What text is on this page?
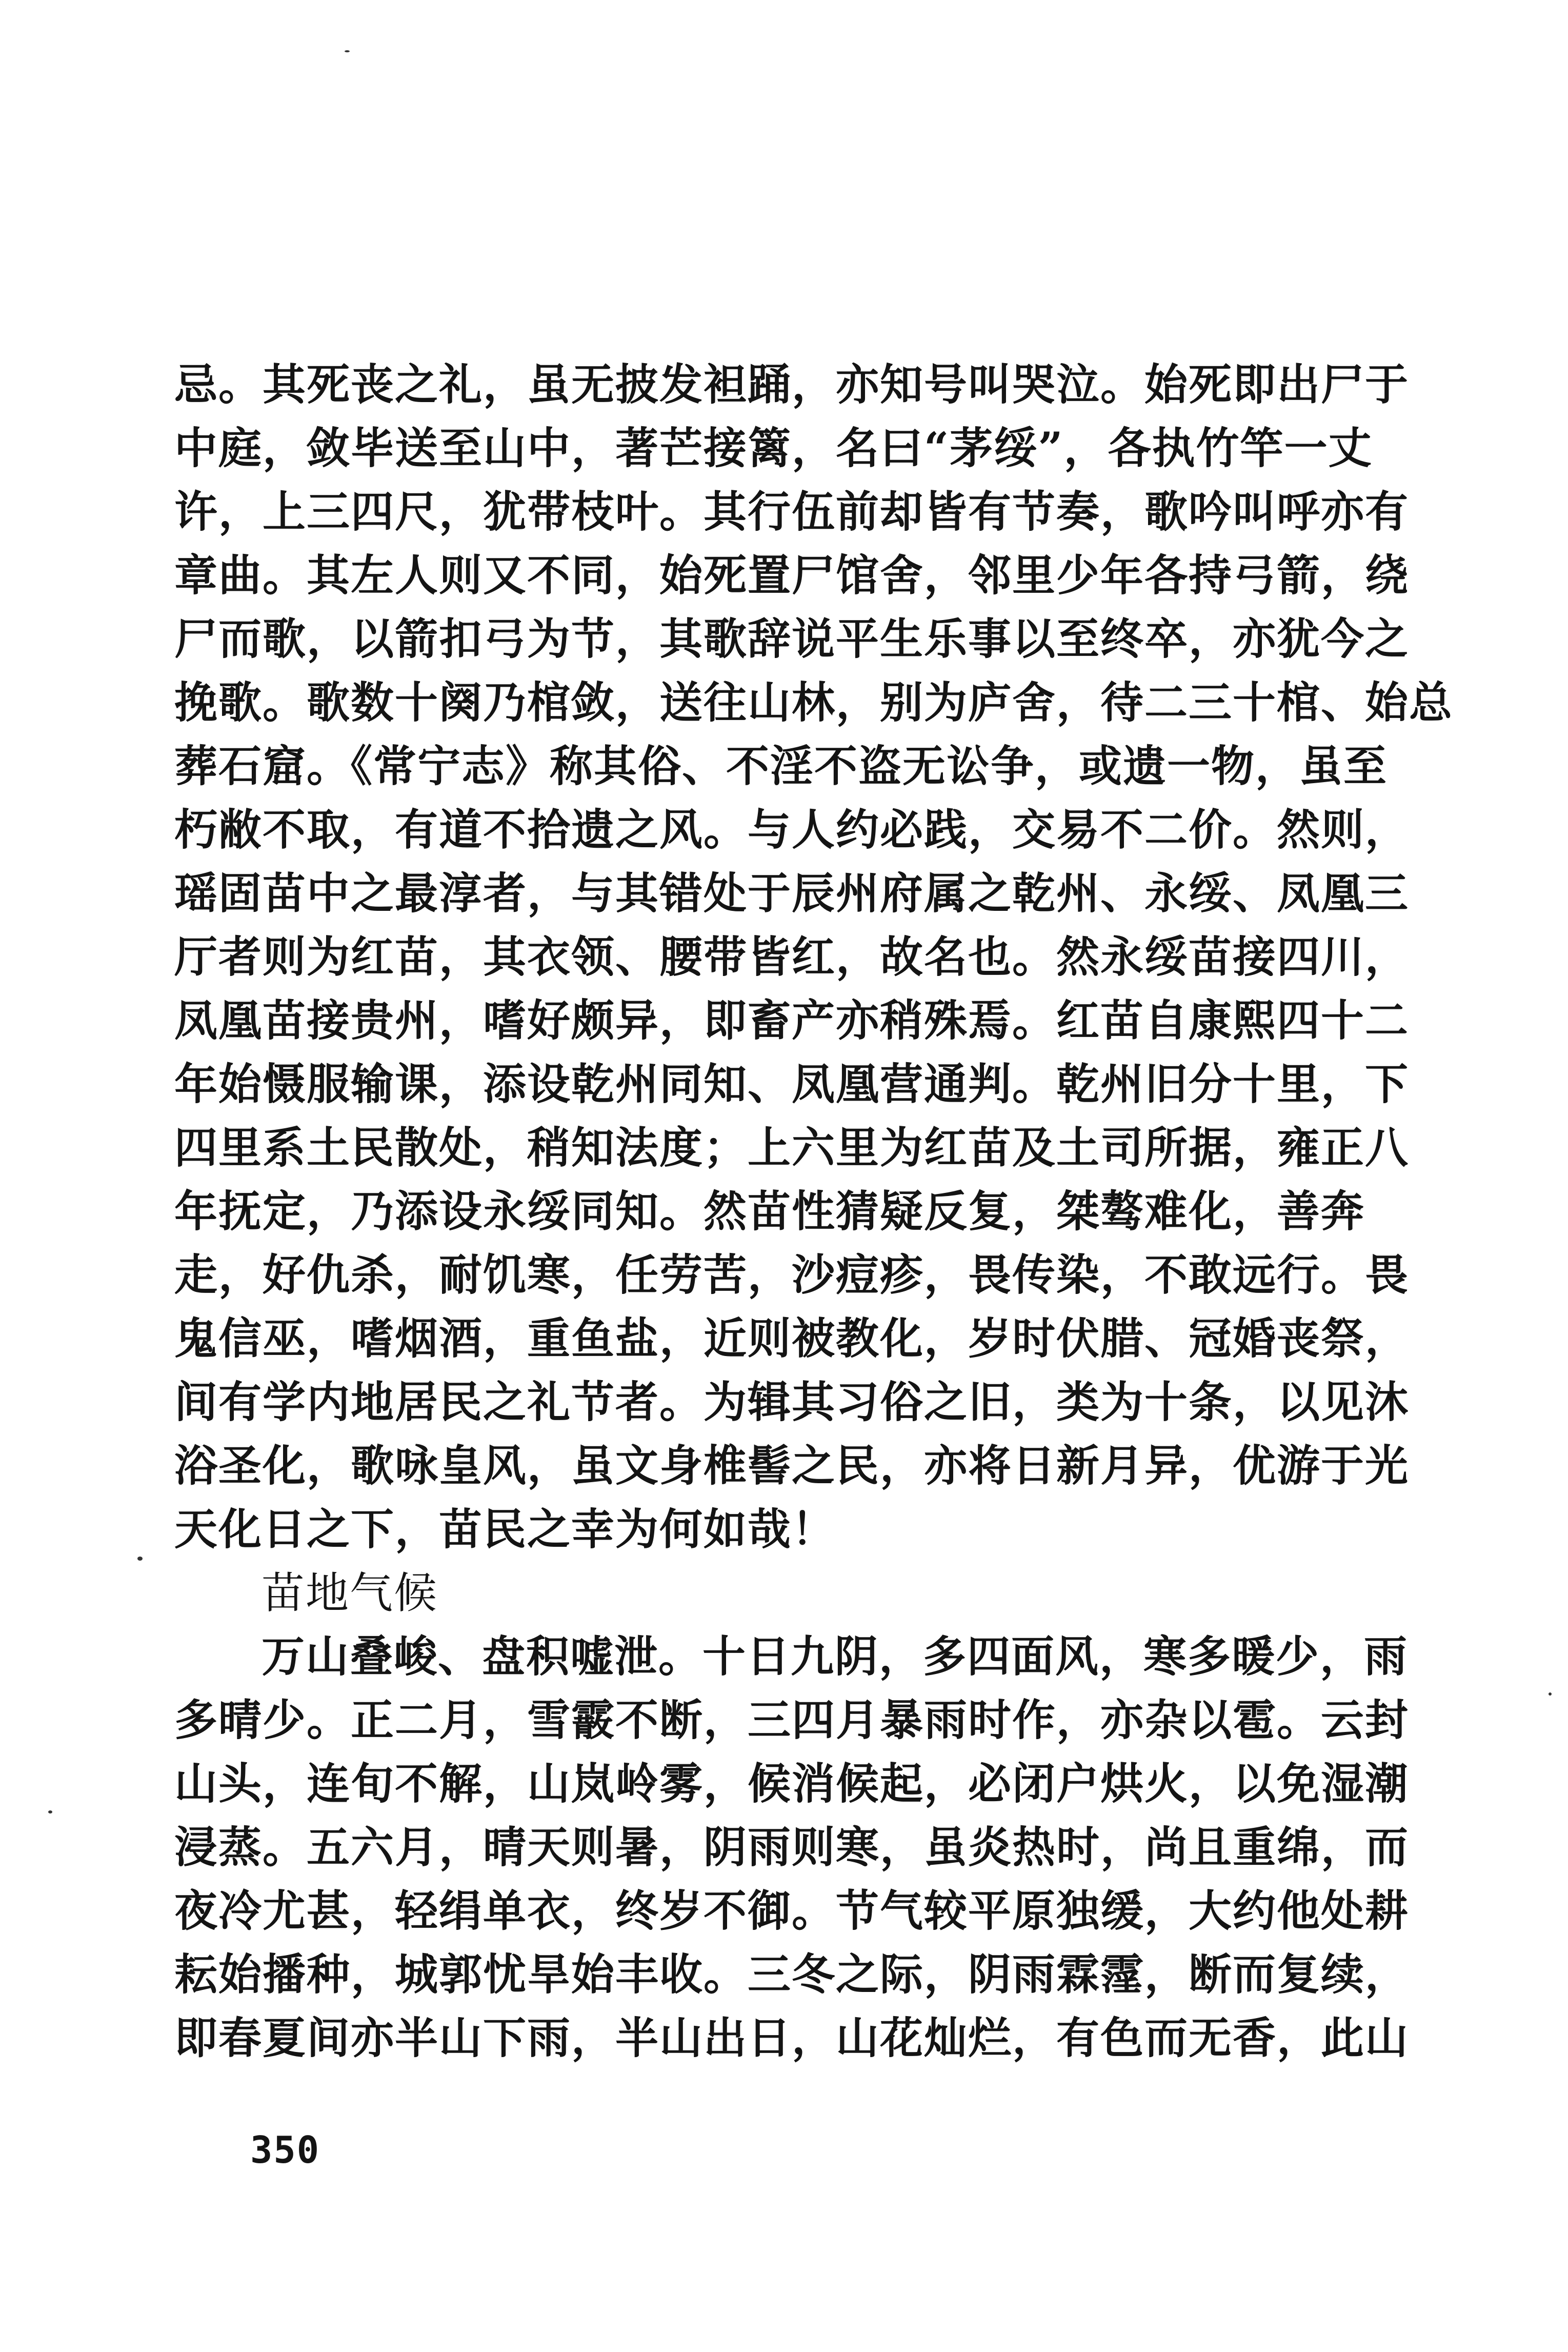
忌。其死丧之礼，虽无披发袒踊，亦知号叫哭泣。始死即出尸于
中庭，敛毕送至山中，著芒接篱，名曰“茅绥”，各执竹竿一丈
许，上三四尺，犹带枝叶。其行伍前却皆有节奏，歌吟叫呼亦有
章曲。其左人则又不同，始死置尸馆舍，邻里少年各持弓箭，绕
尸而歌，以箭扣弓为节，其歌辞说平生乐事以至终卒，亦犹今之
挽歌。歌数十阕乃棺敛，送往山林，别为庐舍，待二三十棺、始总
葬石窟。《常宁志》称其俗、不淫不盗无讼争，或遗一物，虽至
朽敝不取，有道不拾遗之风。与人约必践，交易不二价。然则，
瑶固苗中之最淳者，与其错处于辰州府属之乾州、永绥、凤凰三
厅者则为红苗，其衣领、腰带皆红，故名也。然永绥苗接四川，
凤凰苗接贵州，嗜好颇异，即畜产亦稍殊焉。红苗自康熙四十二
年始慑服输课，添设乾州同知、凤凰营通判。乾州旧分十里，下
四里系土民散处，稍知法度；上六里为红苗及土司所据，雍正八
年抚定，乃添设永绥同知。然苗性猜疑反复，桀骜难化，善奔
走，好仇杀，耐饥寒，任劳苦，沙痘疹，畏传染，不敢远行。畏
鬼信巫，嗜烟酒，重鱼盐，近则被教化，岁时伏腊、冠婚丧祭，
间有学内地居民之礼节者。为辑其习俗之旧，类为十条，以见沐
浴圣化，歌咏皇风，虽文身椎髻之民，亦将日新月异，优游于光
天化日之下，苗民之幸为何如哉！
苗地气候
万山叠峻、盘积嘘泄。十日九阴，多四面风，寒多暖少，雨
多晴少。正二月，雪霰不断，三四月暴雨时作，亦杂以雹。云封
山头，连旬不解，山岚岭雾，候消候起，必闭户烘火，以免湿潮
浸蒸。五六月，晴天则暑，阴雨则寒，虽炎热时，尚且重绵，而
夜冷尤甚，轻绢单衣，终岁不御。节气较平原独缓，大约他处耕
耘始播种，城郭忧旱始丰收。三冬之际，阴雨霖霪，断而复续，
即春夏间亦半山下雨，半山出日，山花灿烂，有色而无香，此山
350
